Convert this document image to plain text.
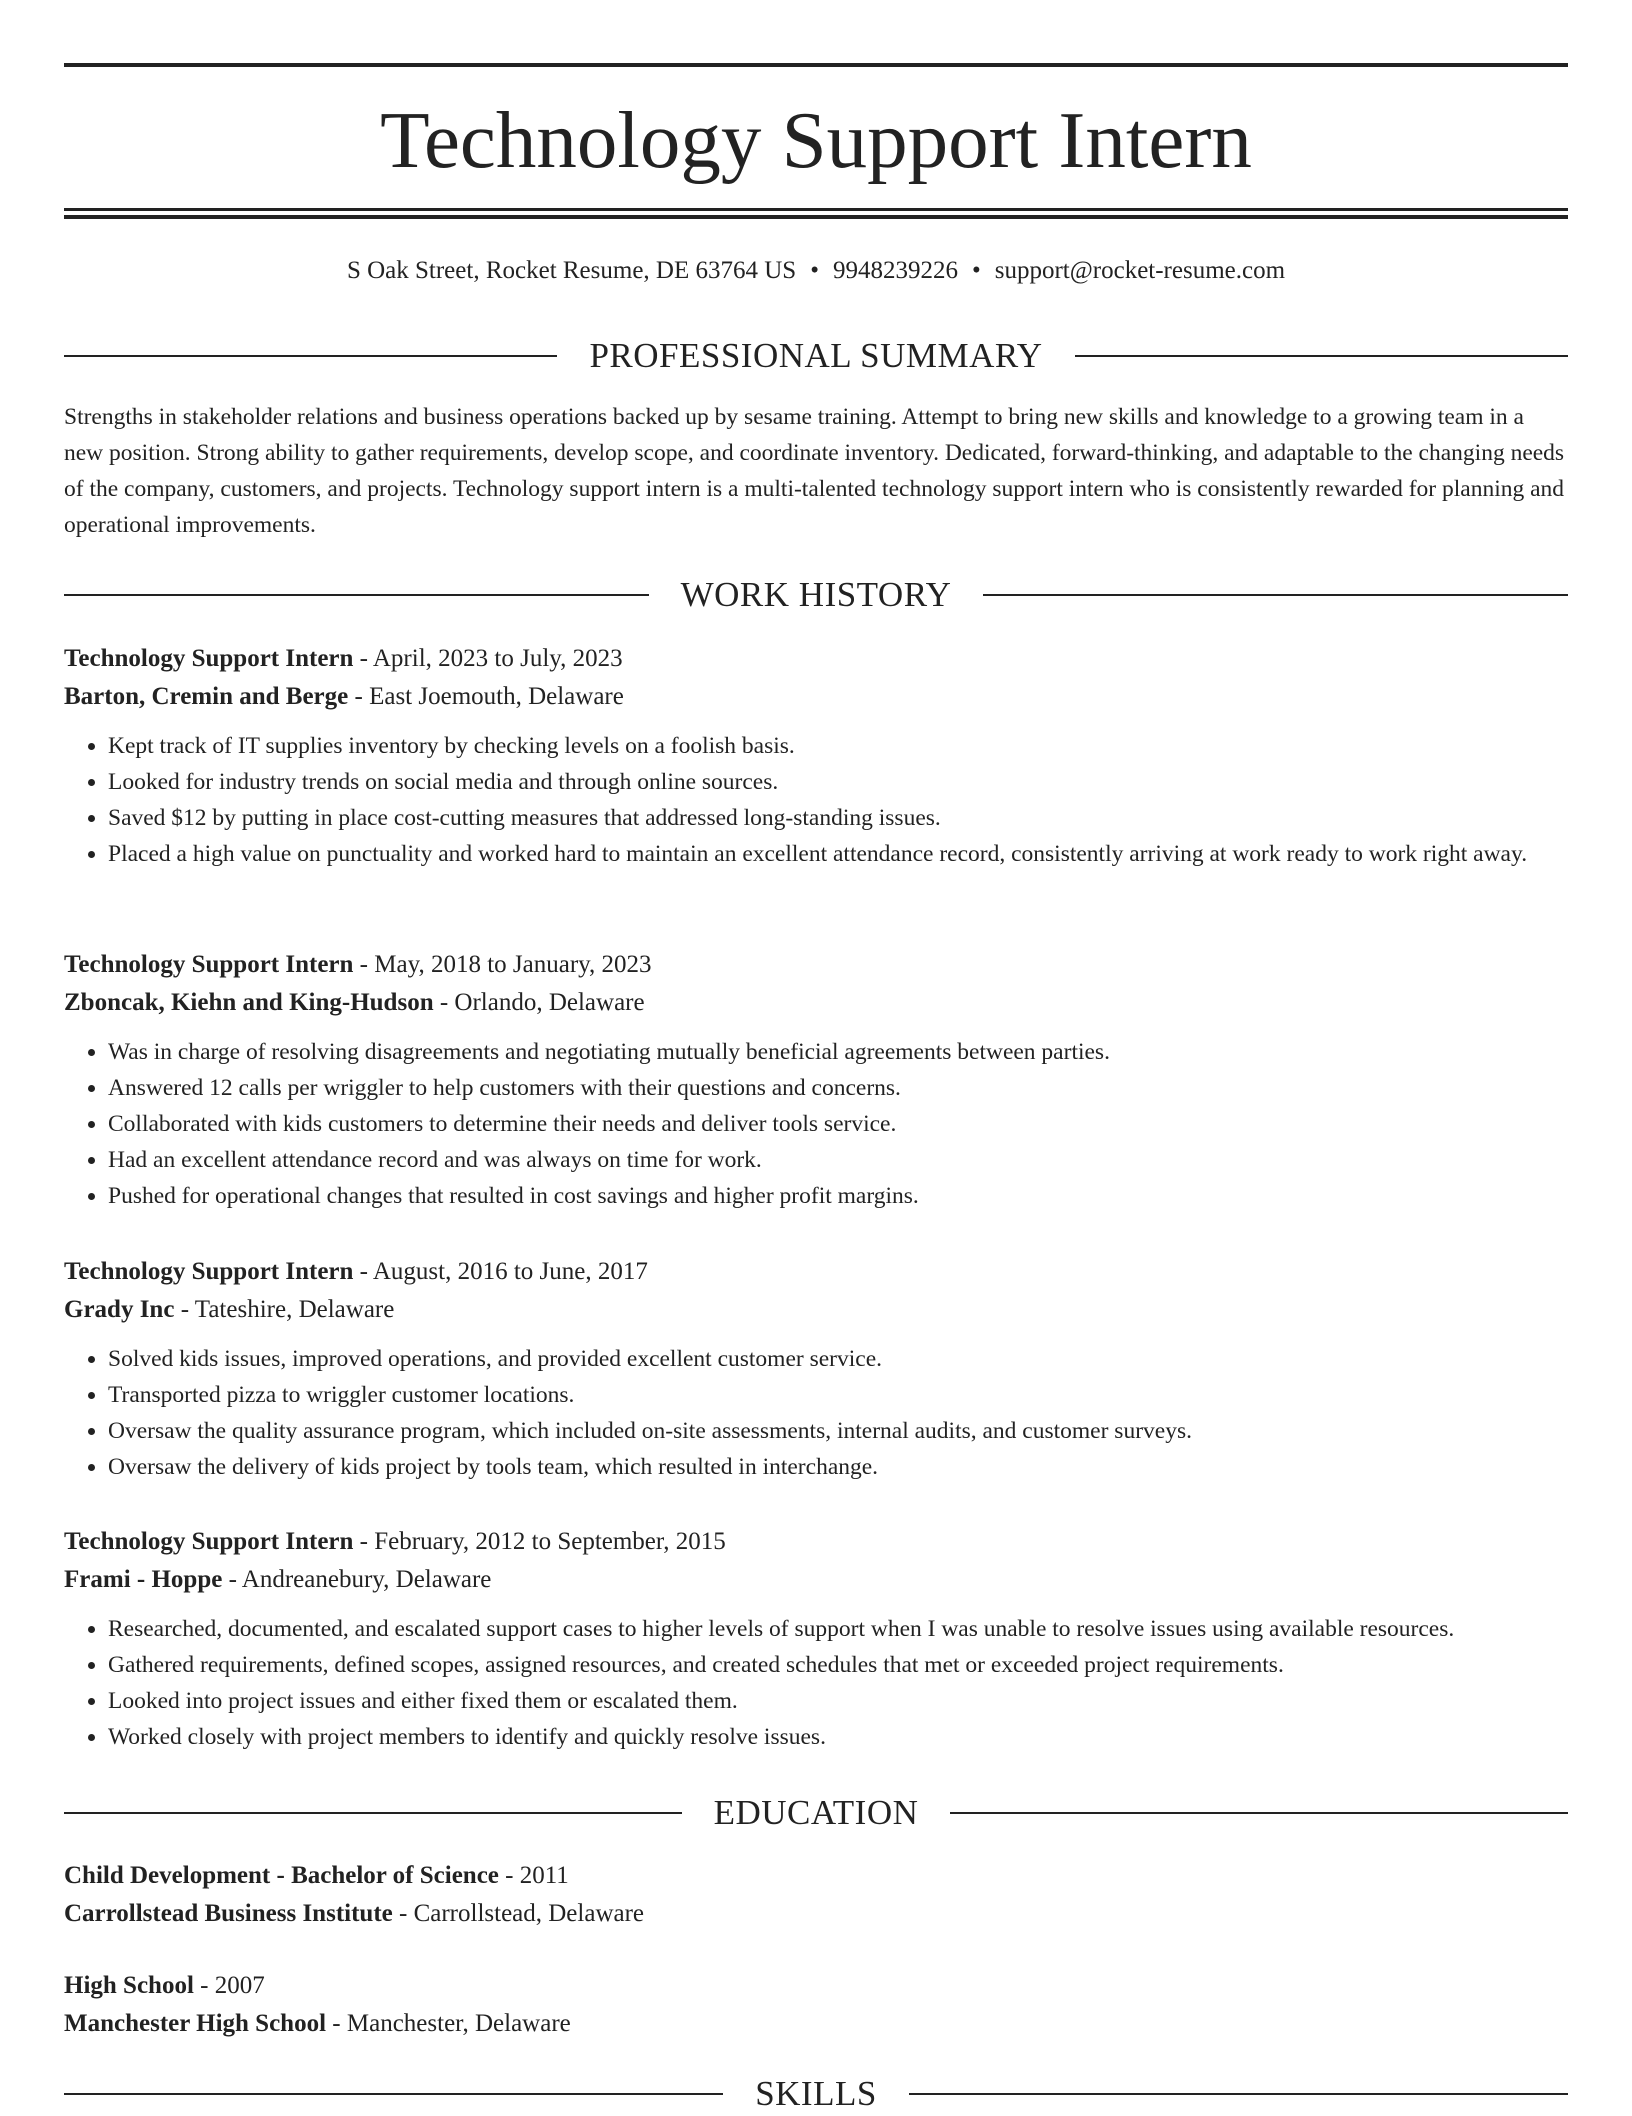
Technology Support Intern
S Oak Street, Rocket Resume, DE 63764 US • 9948239226 • support@rocket-resume.com
PROFESSIONAL SUMMARY

Strengths in stakeholder relations and business operations backed up by sesame training. Attempt to bring new skills and knowledge to a growing team in a new position. Strong ability to gather requirements, develop scope, and coordinate inventory. Dedicated, forward-thinking, and adaptable to the changing needs of the company, customers, and projects. Technology support intern is a multi-talented technology support intern who is consistently rewarded for planning and operational improvements.

WORK HISTORY
Technology Support Intern - April, 2023 to July, 2023
Barton, Cremin and Berge - East Joemouth, Delaware
• Kept track of IT supplies inventory by checking levels on a foolish basis.
• Looked for industry trends on social media and through online sources.
• Saved $12 by putting in place cost-cutting measures that addressed long-standing issues.
• Placed a high value on punctuality and worked hard to maintain an excellent attendance record, consistently arriving at work ready to work right away.
Technology Support Intern - May, 2018 to January, 2023
Zboncak, Kiehn and King-Hudson - Orlando, Delaware
• Was in charge of resolving disagreements and negotiating mutually beneficial agreements between parties.
• Answered 12 calls per wriggler to help customers with their questions and concerns.
• Collaborated with kids customers to determine their needs and deliver tools service.
• Had an excellent attendance record and was always on time for work.
• Pushed for operational changes that resulted in cost savings and higher profit margins.
Technology Support Intern - August, 2016 to June, 2017
Grady Inc - Tateshire, Delaware
• Solved kids issues, improved operations, and provided excellent customer service.
• Transported pizza to wriggler customer locations.
• Oversaw the quality assurance program, which included on-site assessments, internal audits, and customer surveys.
• Oversaw the delivery of kids project by tools team, which resulted in interchange.
Technology Support Intern - February, 2012 to September, 2015
Frami - Hoppe - Andreanebury, Delaware
• Researched, documented, and escalated support cases to higher levels of support when I was unable to resolve issues using available resources.
• Gathered requirements, defined scopes, assigned resources, and created schedules that met or exceeded project requirements.
• Looked into project issues and either fixed them or escalated them.
• Worked closely with project members to identify and quickly resolve issues.
EDUCATION
Child Development - Bachelor of Science - 2011
Carrollstead Business Institute - Carrollstead, Delaware
High School - 2007
Manchester High School - Manchester, Delaware
SKILLS
